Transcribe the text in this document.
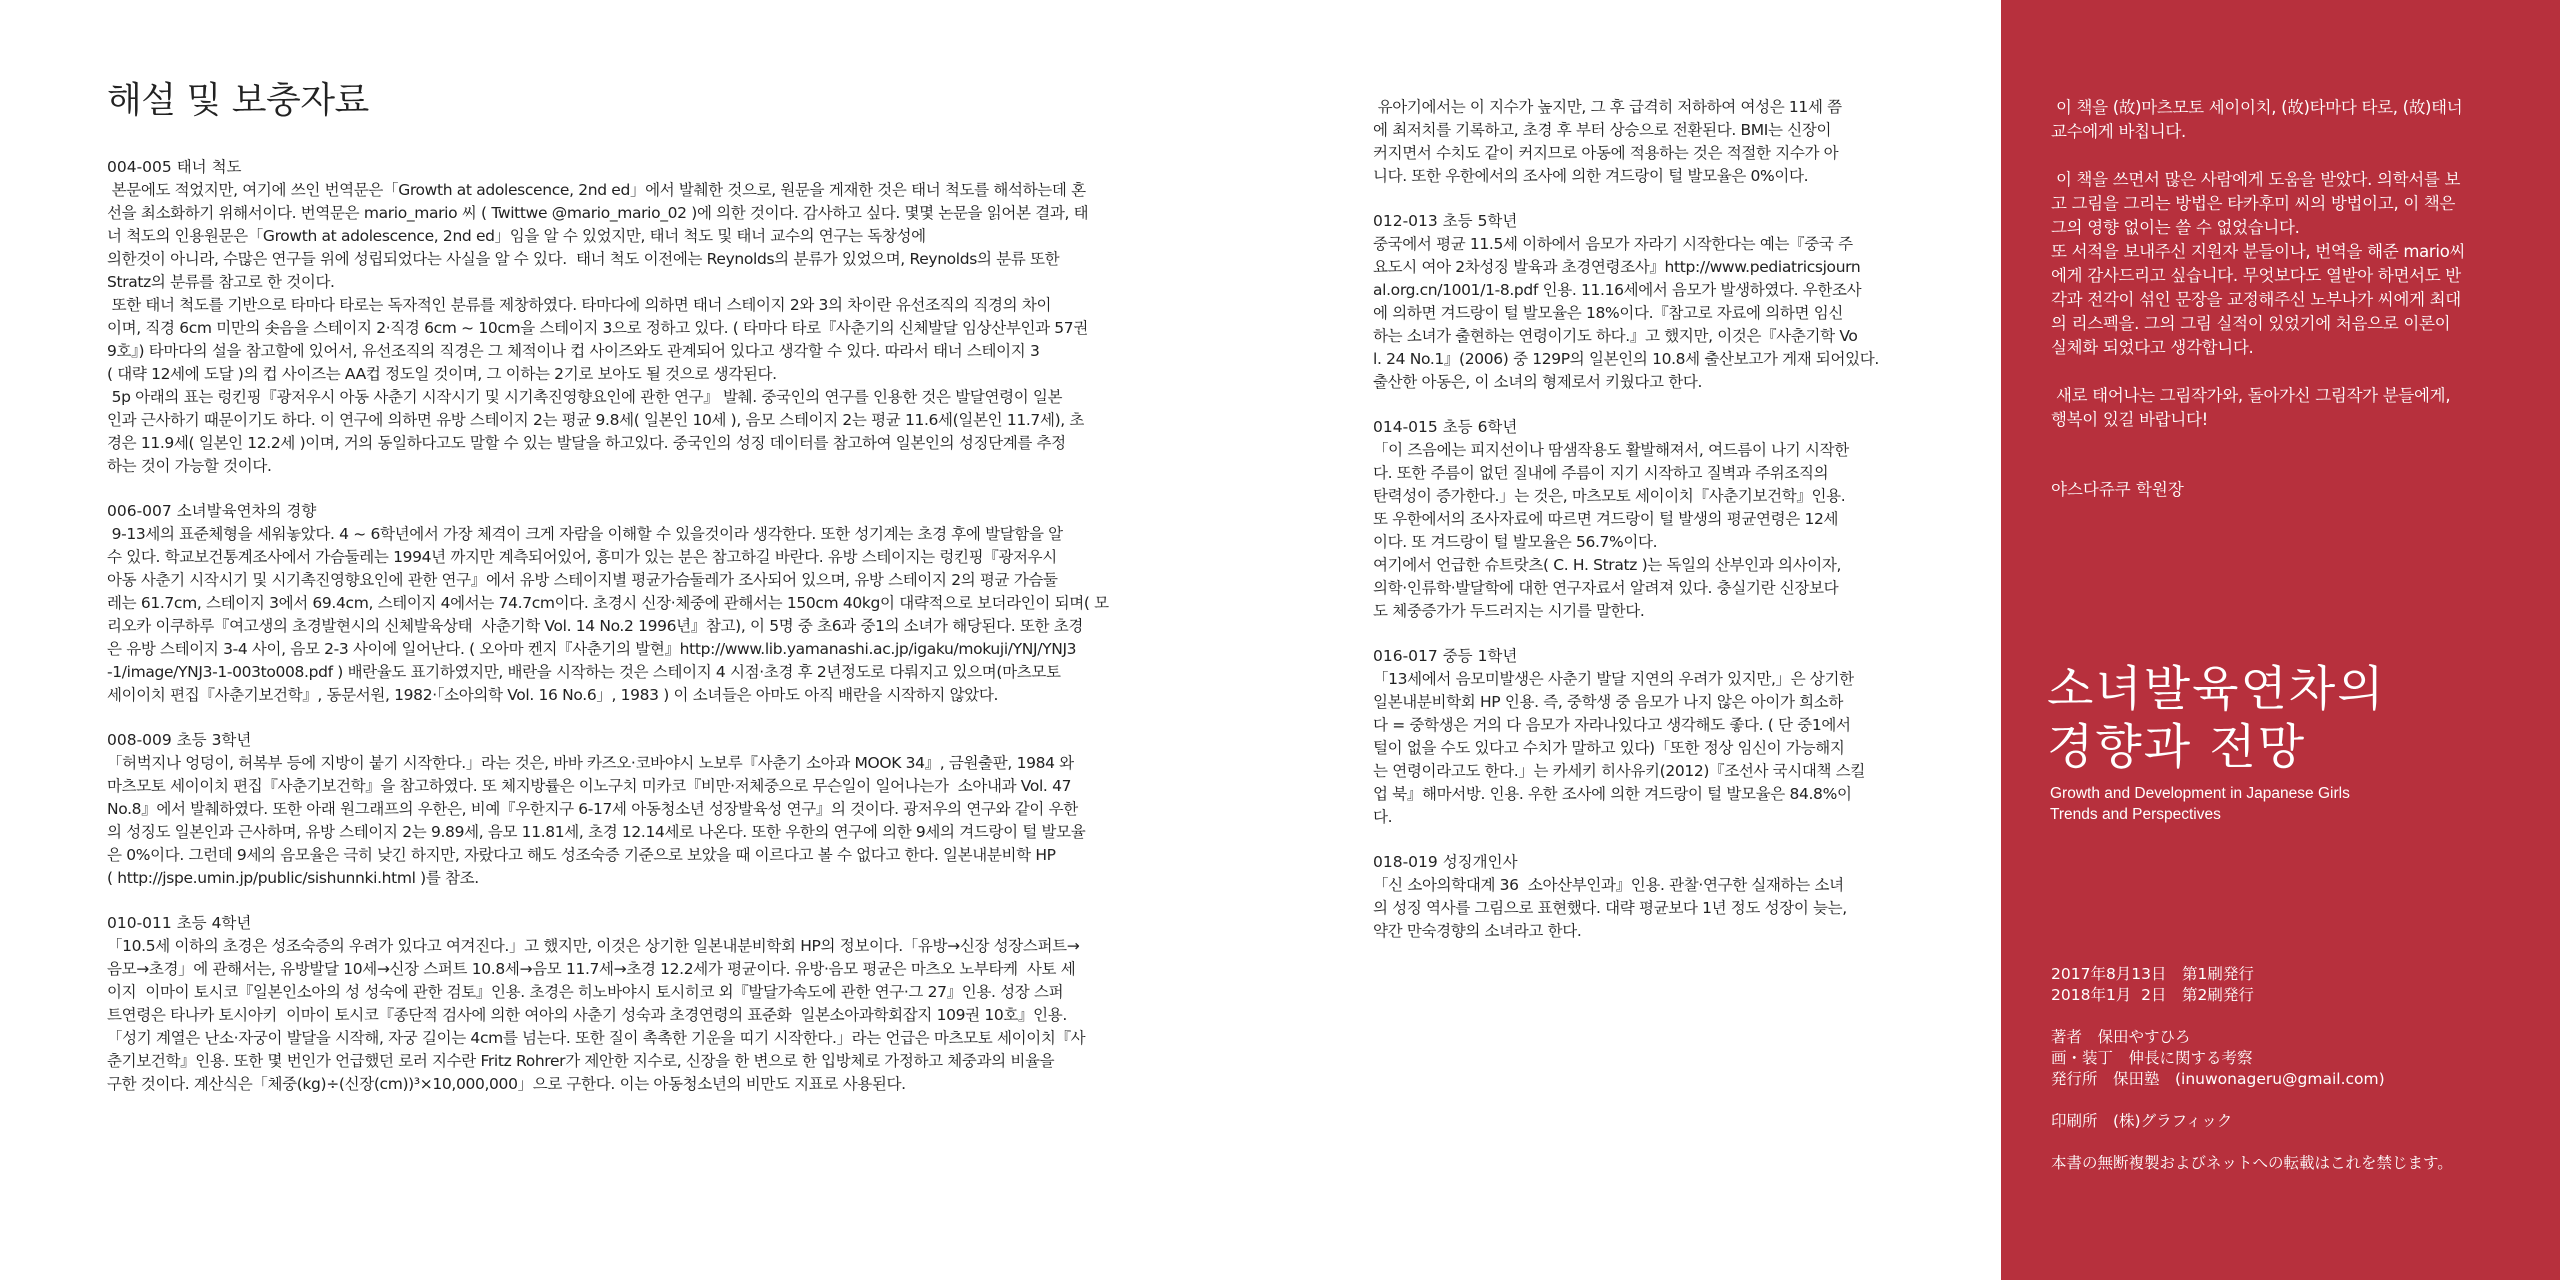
해설 및 보충자료
004-005 태너 척도

본문에도 적었지만, 여기에 쓰인 번역문은「Growth at adolescence, 2nd ed」에서 발췌한 것으로, 원문을 게재한 것은 태너 척도를 해석하는데 혼
선을 최소화하기 위해서이다. 번역문은 mario_mario 씨 ( Twittwe @mario_mario_02 )에 의한 것이다. 감사하고 싶다. 몇몇 논문을 읽어본 결과, 태
너 척도의 인용원문은「Growth at adolescence, 2nd ed」임을 알 수 있었지만, 태너 척도 및 태너 교수의 연구는 독창성에
의한것이 아니라, 수많은 연구들 위에 성립되었다는 사실을 알 수 있다.  태너 척도 이전에는 Reynolds의 분류가 있었으며, Reynolds의 분류 또한
Stratz의 분류를 참고로 한 것이다.
또한 태너 척도를 기반으로 타마다 타로는 독자적인 분류를 제창하였다. 타마다에 의하면 태너 스테이지 2와 3의 차이란 유선조직의 직경의 차이
이며, 직경 6cm 미만의 솟음을 스테이지 2·직경 6cm ~ 10cm을 스테이지 3으로 정하고 있다. ( 타마다 타로『사춘기의 신체발달 임상산부인과 57권
9호』) 타마다의 설을 참고할에 있어서, 유선조직의 직경은 그 체적이나 컵 사이즈와도 관계되어 있다고 생각할 수 있다. 따라서 태너 스테이지 3
( 대략 12세에 도달 )의 컵 사이즈는 AA컵 정도일 것이며, 그 이하는 2기로 보아도 될 것으로 생각된다.
5p 아래의 표는 렁킨핑『광저우시 아동 사춘기 시작시기 및 시기촉진영향요인에 관한 연구』 발췌. 중국인의 연구를 인용한 것은 발달연령이 일본
인과 근사하기 때문이기도 하다. 이 연구에 의하면 유방 스테이지 2는 평균 9.8세( 일본인 10세 ), 음모 스테이지 2는 평균 11.6세(일본인 11.7세), 초
경은 11.9세( 일본인 12.2세 )이며, 거의 동일하다고도 말할 수 있는 발달을 하고있다. 중국인의 성징 데이터를 참고하여 일본인의 성징단계를 추정
하는 것이 가능할 것이다.

006-007 소녀발육연차의 경향

9-13세의 표준체형을 세워놓았다. 4 ~ 6학년에서 가장 체격이 크게 자람을 이해할 수 있을것이라 생각한다. 또한 성기계는 초경 후에 발달함을 알
수 있다. 학교보건통계조사에서 가슴둘레는 1994년 까지만 계측되어있어, 흥미가 있는 분은 참고하길 바란다. 유방 스테이지는 렁킨핑『광저우시
아동 사춘기 시작시기 및 시기촉진영향요인에 관한 연구』에서 유방 스테이지별 평균가슴둘레가 조사되어 있으며, 유방 스테이지 2의 평균 가슴둘
레는 61.7cm, 스테이지 3에서 69.4cm, 스테이지 4에서는 74.7cm이다. 초경시 신장·체중에 관해서는 150cm 40kg이 대략적으로 보더라인이 되며( 모
리오카 이쿠하루『여고생의 초경발현시의 신체발육상태  사춘기학 Vol. 14 No.2 1996년』참고), 이 5명 중 초6과 중1의 소녀가 해당된다. 또한 초경
은 유방 스테이지 3-4 사이, 음모 2-3 사이에 일어난다. ( 오아마 켄지『사춘기의 발현』http://www.lib.yamanashi.ac.jp/igaku/mokuji/YNJ/YNJ3
-1/image/YNJ3-1-003to008.pdf ) 배란율도 표기하였지만, 배란을 시작하는 것은 스테이지 4 시점·초경 후 2년정도로 다뤄지고 있으며(마츠모토
세이이치 편집『사춘기보건학』, 동문서원, 1982·「소아의학 Vol. 16 No.6」, 1983 ) 이 소녀들은 아마도 아직 배란을 시작하지 않았다.

008-009 초등 3학년

「허벅지나 엉덩이, 허복부 등에 지방이 붙기 시작한다.」라는 것은, 바바 카즈오·코바야시 노보루『사춘기 소아과 MOOK 34』, 금원출판, 1984 와
마츠모토 세이이치 편집『사춘기보건학』을 참고하였다. 또 체지방률은 이노구치 미카코『비만·저체중으로 무슨일이 일어나는가  소아내과 Vol. 47
No.8』에서 발췌하였다. 또한 아래 원그래프의 우한은, 비예『우한지구 6-17세 아동청소년 성장발육성 연구』의 것이다. 광저우의 연구와 같이 우한
의 성징도 일본인과 근사하며, 유방 스테이지 2는 9.89세, 음모 11.81세, 초경 12.14세로 나온다. 또한 우한의 연구에 의한 9세의 겨드랑이 털 발모율
은 0%이다. 그런데 9세의 음모율은 극히 낮긴 하지만, 자랐다고 해도 성조숙증 기준으로 보았을 때 이르다고 볼 수 없다고 한다. 일본내분비학 HP
( http://jspe.umin.jp/public/sishunnki.html )를 참조.

010-011 초등 4학년

「10.5세 이하의 초경은 성조숙증의 우려가 있다고 여겨진다.」고 했지만, 이것은 상기한 일본내분비학회 HP의 정보이다.「유방→신장 성장스퍼트→
음모→초경」에 관해서는, 유방발달 10세→신장 스퍼트 10.8세→음모 11.7세→초경 12.2세가 평균이다. 유방·음모 평균은 마츠오 노부타케  사토 세
이지  이마이 토시코『일본인소아의 성 성숙에 관한 검토』인용. 초경은 히노바야시 토시히코 외『발달가속도에 관한 연구·그 27』인용. 성장 스퍼
트연령은 타나카 토시아키  이마이 토시코『종단적 검사에 의한 여아의 사춘기 성숙과 초경연령의 표준화  일본소아과학회잡지 109권 10호』인용.
「성기 계열은 난소·자궁이 발달을 시작해, 자궁 길이는 4cm를 넘는다. 또한 질이 촉촉한 기운을 띠기 시작한다.」라는 언급은 마츠모토 세이이치『사
춘기보건학』인용. 또한 몇 번인가 언급했던 로러 지수란 Fritz Rohrer가 제안한 지수로, 신장을 한 변으로 한 입방체로 가정하고 체중과의 비율을
구한 것이다. 계산식은「체중(kg)÷(신장(cm))³×10,000,000」으로 구한다. 이는 아동청소년의 비만도 지표로 사용된다.

유아기에서는 이 지수가 높지만, 그 후 급격히 저하하여 여성은 11세 쯤
에 최저치를 기록하고, 초경 후 부터 상승으로 전환된다. BMI는 신장이
커지면서 수치도 같이 커지므로 아동에 적용하는 것은 적절한 지수가 아
니다. 또한 우한에서의 조사에 의한 겨드랑이 털 발모율은 0%이다.

012-013 초등 5학년

중국에서 평균 11.5세 이하에서 음모가 자라기 시작한다는 예는『중국 주
요도시 여아 2차성징 발육과 초경연령조사』http://www.pediatricsjourn
al.org.cn/1001/1-8.pdf 인용. 11.16세에서 음모가 발생하였다. 우한조사
에 의하면 겨드랑이 털 발모율은 18%이다.『참고로 자료에 의하면 임신
하는 소녀가 출현하는 연령이기도 하다.』고 했지만, 이것은『사춘기학 Vo
l. 24 No.1』(2006) 중 129P의 일본인의 10.8세 출산보고가 게재 되어있다.
출산한 아동은, 이 소녀의 형제로서 키웠다고 한다.

014-015 초등 6학년

「이 즈음에는 피지선이나 땀샘작용도 활발해져서, 여드름이 나기 시작한
다. 또한 주름이 없던 질내에 주름이 지기 시작하고 질벽과 주위조직의
탄력성이 증가한다.」는 것은, 마츠모토 세이이치『사춘기보건학』인용.
또 우한에서의 조사자료에 따르면 겨드랑이 털 발생의 평균연령은 12세
이다. 또 겨드랑이 털 발모율은 56.7%이다.
여기에서 언급한 슈트랏츠( C. H. Stratz )는 독일의 산부인과 의사이자,
의학·인류학·발달학에 대한 연구자료서 알려져 있다. 충실기란 신장보다
도 체중증가가 두드러지는 시기를 말한다.

016-017 중등 1학년

「13세에서 음모미발생은 사춘기 발달 지연의 우려가 있지만,」은 상기한
일본내분비학회 HP 인용. 즉, 중학생 중 음모가 나지 않은 아이가 희소하
다 = 중학생은 거의 다 음모가 자라나있다고 생각해도 좋다. ( 단 중1에서
털이 없을 수도 있다고 수치가 말하고 있다)「또한 정상 임신이 가능해지
는 연령이라고도 한다.」는 카세키 히사유키(2012)『조선사 국시대책 스킬
업 북』해마서방. 인용. 우한 조사에 의한 겨드랑이 털 발모율은 84.8%이
다.

018-019 성징개인사

「신 소아의학대계 36  소아산부인과』인용. 관찰·연구한 실재하는 소녀
의 성징 역사를 그림으로 표현했다. 대략 평균보다 1년 정도 성장이 늦는,
약간 만숙경향의 소녀라고 한다.

이 책을 (故)마츠모토 세이이치, (故)타마다 타로, (故)태너
교수에게 바칩니다.

이 책을 쓰면서 많은 사람에게 도움을 받았다. 의학서를 보
고 그림을 그리는 방법은 타카후미 씨의 방법이고, 이 책은
그의 영향 없이는 쓸 수 없었습니다.
또 서적을 보내주신 지원자 분들이나, 번역을 해준 mario씨
에게 감사드리고 싶습니다. 무엇보다도 열받아 하면서도 반
각과 전각이 섞인 문장을 교정해주신 노부나가 씨에게 최대
의 리스펙을. 그의 그림 실적이 있었기에 처음으로 이론이
실체화 되었다고 생각합니다.

새로 태어나는 그림작가와, 돌아가신 그림작가 분들에게,
행복이 있길 바랍니다!
야스다쥬쿠 학원장
소녀발육연차의
경향과 전망
Growth and Development in Japanese Girls
Trends and Perspectives
2017年8月13日　第1刷発行
2018年1月  2日　第2刷発行
著者　保田やすひろ
画・装丁　伸長に関する考察
発行所　保田塾　(inuwonageru@gmail.com)
印刷所　(株)グラフィック
本書の無断複製およびネットへの転載はこれを禁じます。
